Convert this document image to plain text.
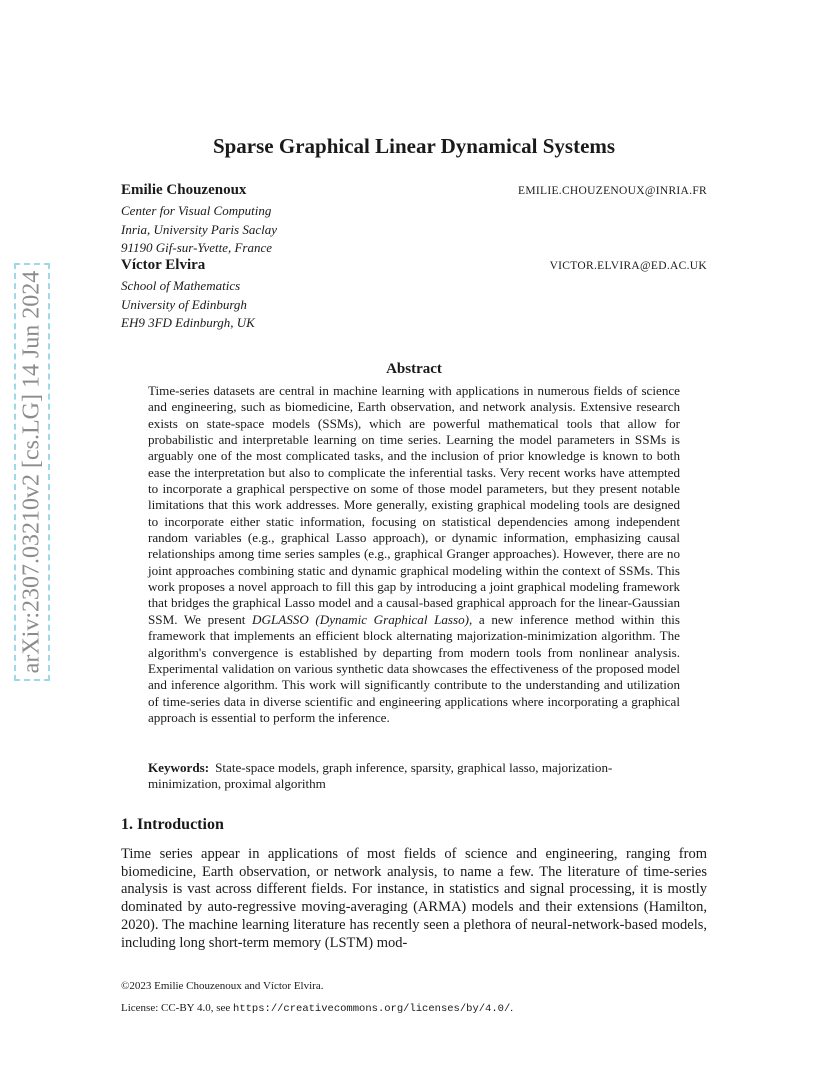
arXiv:2307.03210v2 [cs.LG] 14 Jun 2024
Sparse Graphical Linear Dynamical Systems
Emilie Chouzenoux	EMILIE.CHOUZENOUX@INRIA.FR
Center for Visual Computing
Inria, University Paris Saclay
91190 Gif-sur-Yvette, France
Víctor Elvira	VICTOR.ELVIRA@ED.AC.UK
School of Mathematics
University of Edinburgh
EH9 3FD Edinburgh, UK
Abstract

Time-series datasets are central in machine learning with applications in numerous fields of science and engineering, such as biomedicine, Earth observation, and network analysis. Extensive research exists on state-space models (SSMs), which are powerful mathematical tools that allow for probabilistic and interpretable learning on time series. Learning the model parameters in SSMs is arguably one of the most complicated tasks, and the inclusion of prior knowledge is known to both ease the interpretation but also to complicate the inferential tasks. Very recent works have attempted to incorporate a graphical perspective on some of those model parameters, but they present notable limitations that this work addresses. More generally, existing graphical modeling tools are designed to incorporate either static information, focusing on statistical dependencies among independent random variables (e.g., graphical Lasso approach), or dynamic information, emphasizing causal relationships among time series samples (e.g., graphical Granger approaches). However, there are no joint approaches combining static and dynamic graphical modeling within the context of SSMs. This work proposes a novel approach to fill this gap by introducing a joint graphical modeling framework that bridges the graphical Lasso model and a causal-based graphical approach for the linear-Gaussian SSM. We present DGLASSO (Dynamic Graphical Lasso), a new inference method within this framework that implements an efficient block alternating majorization-minimization algorithm. The algorithm's convergence is established by departing from modern tools from nonlinear analysis. Experimental validation on various synthetic data showcases the effectiveness of the proposed model and inference algorithm. This work will significantly contribute to the understanding and utilization of time-series data in diverse scientific and engineering applications where incorporating a graphical approach is essential to perform the inference.

Keywords: State-space models, graph inference, sparsity, graphical lasso, majorization-minimization, proximal algorithm

1. Introduction

Time series appear in applications of most fields of science and engineering, ranging from biomedicine, Earth observation, or network analysis, to name a few. The literature of time-series analysis is vast across different fields. For instance, in statistics and signal processing, it is mostly dominated by auto-regressive moving-averaging (ARMA) models and their extensions (Hamilton, 2020). The machine learning literature has recently seen a plethora of neural-network-based models, including long short-term memory (LSTM) mod-

©2023 Emilie Chouzenoux and Víctor Elvira.
License: CC-BY 4.0, see https://creativecommons.org/licenses/by/4.0/.
